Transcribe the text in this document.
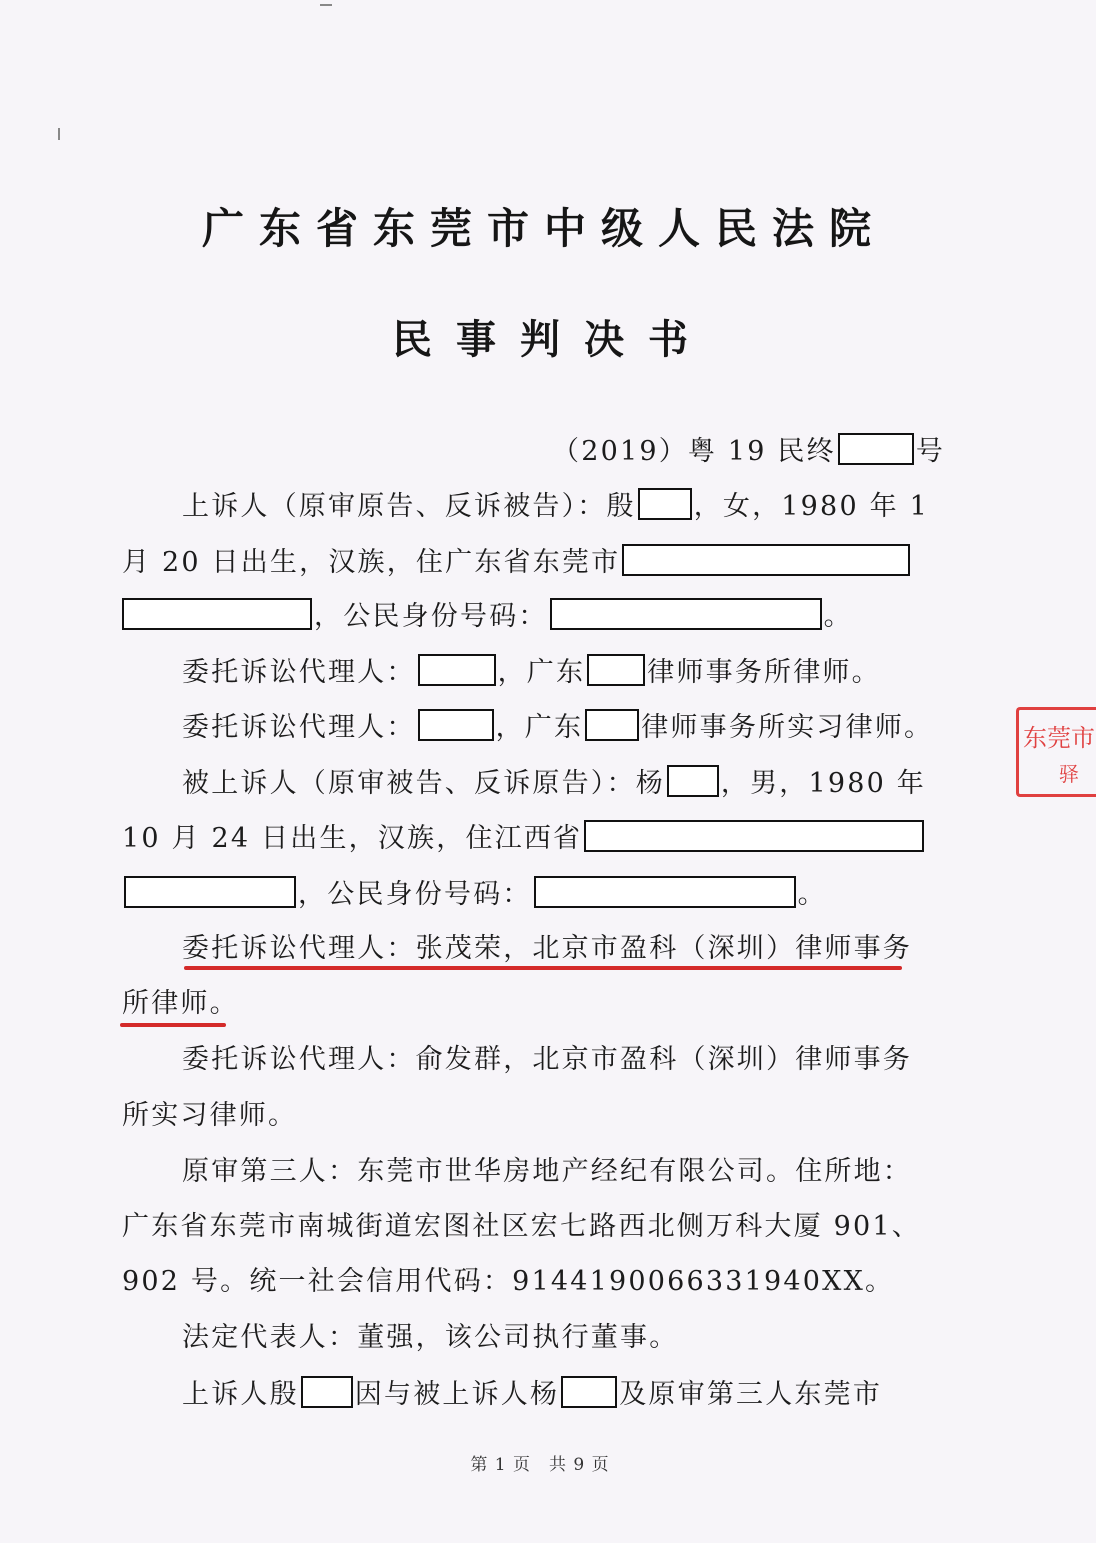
广东省东莞市中级人民法院
民事判决书
（2019）粤 19 民终	号
上诉人（原审原告、反诉被告）：殷 ，女，1980 年 1
月 20 日出生，汉族，住广东省东莞市
，公民身份号码：	。
委托诉讼代理人：	，广东 律师事务所律师。
委托诉讼代理人：	，广东 律师事务所实习律师。
被上诉人（原审被告、反诉原告）：杨 ，男，1980 年
10 月 24 日出生，汉族，住江西省
，公民身份号码：	。
委托诉讼代理人：张茂荣，北京市盈科（深圳）律师事务
所律师。
委托诉讼代理人：俞发群，北京市盈科（深圳）律师事务
所实习律师。
原审第三人：东莞市世华房地产经纪有限公司。住所地：
广东省东莞市南城街道宏图社区宏七路西北侧万科大厦 901、
902 号。统一社会信用代码：9144190066331940XX。
法定代表人：董强，该公司执行董事。
上诉人殷 因与被上诉人杨 及原审第三人东莞市
东莞市
驿
第 1 页　共 9 页
